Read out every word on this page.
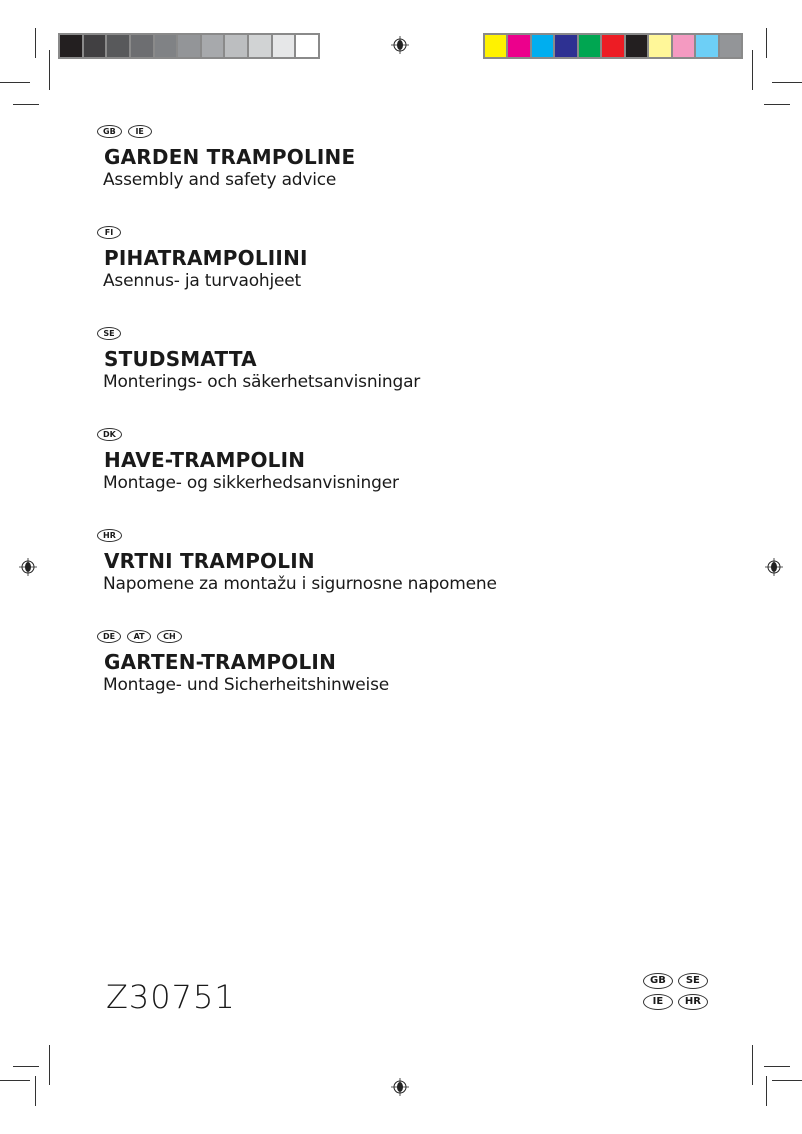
GB	IE
GARDEN TRAMPOLINE
Assembly and safety advice
FI
PIHATRAMPOLIINI
Asennus- ja turvaohjeet
SE
STUDSMATTA
Monterings- och säkerhetsanvisningar
DK
HAVE-TRAMPOLIN
Montage- og sikkerhedsanvisninger
HR
VRTNI TRAMPOLIN
Napomene za montažu i sigurnosne napomene
DE	AT	CH
GARTEN-TRAMPOLIN
Montage- und Sicherheitshinweise
Z30751	GB	SE
IE	HR
